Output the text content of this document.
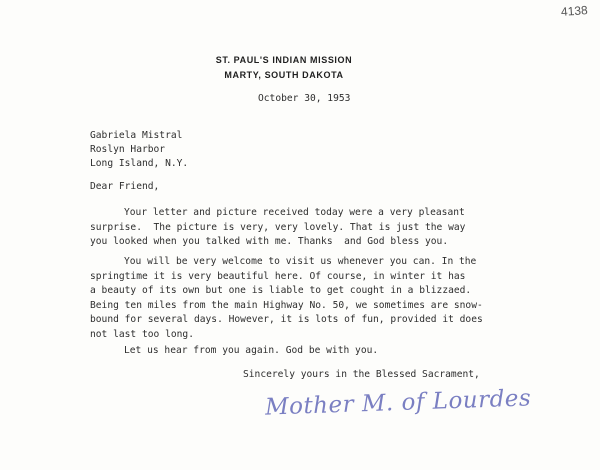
4138
ST. PAUL'S INDIAN MISSION
MARTY, SOUTH DAKOTA
October 30, 1953
Gabriela Mistral
Roslyn Harbor
Long Island, N.Y.
Dear Friend,
Your letter and picture received today were a very pleasant
surprise.  The picture is very, very lovely. That is just the way
you looked when you talked with me. Thanks  and God bless you.
You will be very welcome to visit us whenever you can. In the
springtime it is very beautiful here. Of course, in winter it has
a beauty of its own but one is liable to get cought in a blizzaed.
Being ten miles from the main Highway No. 50, we sometimes are snow-
bound for several days. However, it is lots of fun, provided it does
not last too long.
Let us hear from you again. God be with you.
Sincerely yours in the Blessed Sacrament,
Mother M. of Lourdes
